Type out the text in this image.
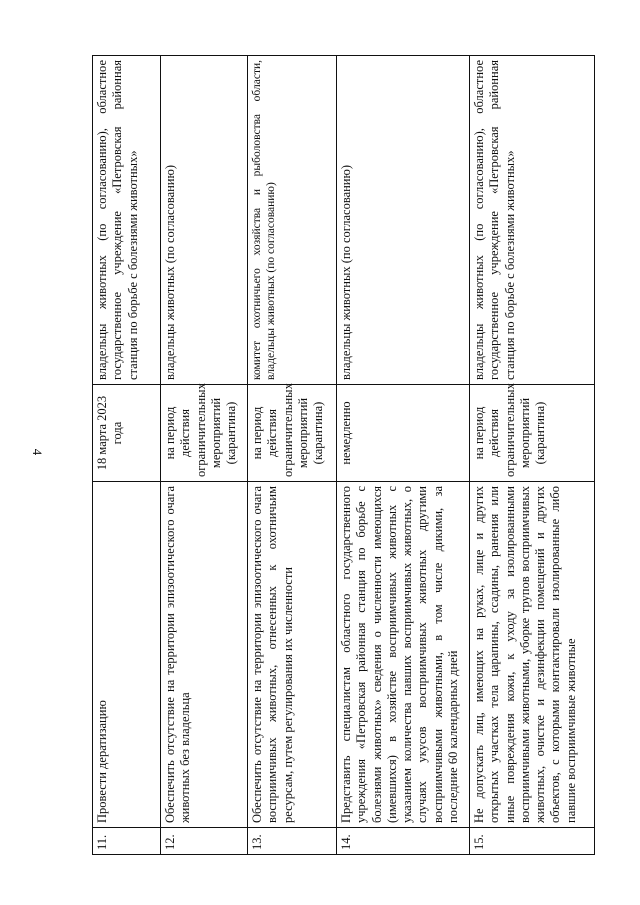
4
11.	Провести дератизацию	18 марта 2023 года	владельцы животных (по согласованию), областное государственное учреждение «Петровская районная станция по борьбе с болезнями животных»
12.	Обеспечить отсутствие на территории эпизоотического очага животных без владельца	на период действия ограничительных мероприятий (карантина)	владельцы животных (по согласованию)
13.	Обеспечить отсутствие на территории эпизоотического очага восприимчивых животных, отнесенных к охотничьим ресурсам, путем регулирования их численности	на период действия ограничительных мероприятий (карантина)	комитет охотничьего хозяйства и рыболовства области, владельцы животных (по согласованию)
14.	Представить специалистам областного государственного учреждения «Петровская районная станция по борьбе с болезнями животных» сведения о численности имеющихся (имевшихся) в хозяйстве восприимчивых животных с указанием количества павших восприимчивых животных, о случаях укусов восприимчивых животных другими восприимчивыми животными, в том числе дикими, за последние 60 календарных дней	немедленно	владельцы животных (по согласованию)
15.	Не допускать лиц, имеющих на руках, лице и других открытых участках тела царапины, ссадины, ранения или иные повреждения кожи, к уходу за изолированными восприимчивыми животными, уборке трупов восприимчивых животных, очистке и дезинфекции помещений и других объектов, с которыми контактировали изолированные либо павшие восприимчивые животные	на период действия ограничительных мероприятий (карантина)	владельцы животных (по согласованию), областное государственное учреждение «Петровская районная станция по борьбе с болезнями животных»
